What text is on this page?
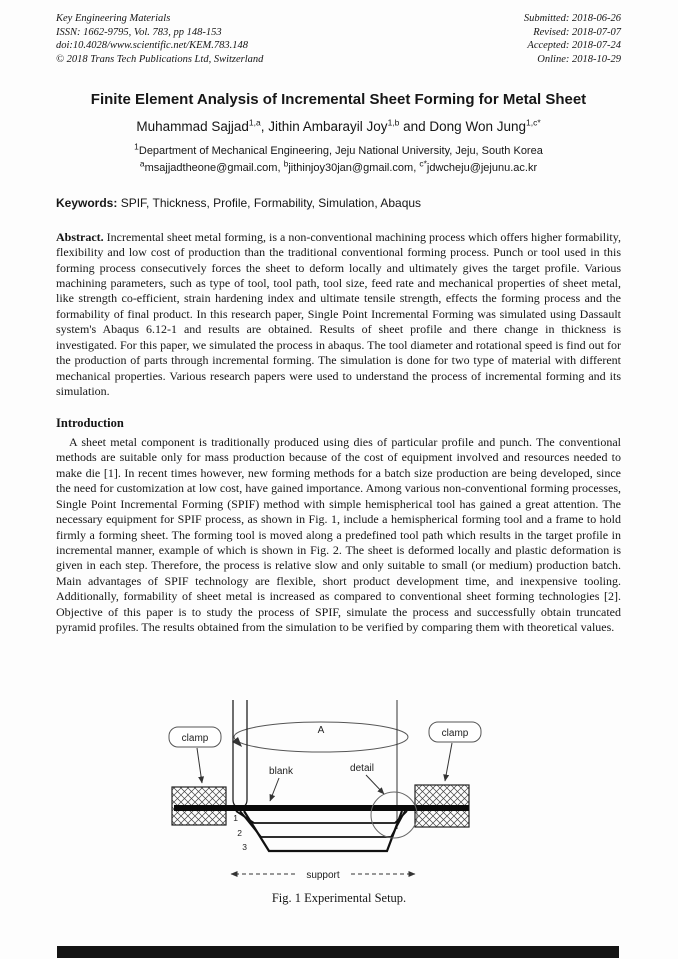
Key Engineering Materials
ISSN: 1662-9795, Vol. 783, pp 148-153
doi:10.4028/www.scientific.net/KEM.783.148
© 2018 Trans Tech Publications Ltd, Switzerland
Submitted: 2018-06-26
Revised: 2018-07-07
Accepted: 2018-07-24
Online: 2018-10-29
Finite Element Analysis of Incremental Sheet Forming for Metal Sheet
Muhammad Sajjad$^{1,a}$, Jithin Ambarayil Joy$^{1,b}$ and Dong Won Jung$^{1,c*}$
$^1$Department of Mechanical Engineering, Jeju National University, Jeju, South Korea
$^a$msajjadtheone@gmail.com, $^b$jithinjoy30jan@gmail.com, $^{c*}$jdwcheju@jejunu.ac.kr
Keywords: SPIF, Thickness, Profile, Formability, Simulation, Abaqus
Abstract. Incremental sheet metal forming, is a non-conventional machining process which offers higher formability, flexibility and low cost of production than the traditional conventional forming process. Punch or tool used in this forming process consecutively forces the sheet to deform locally and ultimately gives the target profile. Various machining parameters, such as type of tool, tool path, tool size, feed rate and mechanical properties of sheet metal, like strength co-efficient, strain hardening index and ultimate tensile strength, effects the forming process and the formability of final product. In this research paper, Single Point Incremental Forming was simulated using Dassault system's Abaqus 6.12-1 and results are obtained. Results of sheet profile and there change in thickness is investigated. For this paper, we simulated the process in abaqus. The tool diameter and rotational speed is find out for the production of parts through incremental forming. The simulation is done for two type of material with different mechanical properties. Various research papers were used to understand the process of incremental forming and its simulation.
Introduction
A sheet metal component is traditionally produced using dies of particular profile and punch. The conventional methods are suitable only for mass production because of the cost of equipment involved and resources needed to make die [1]. In recent times however, new forming methods for a batch size production are being developed, since the need for customization at low cost, have gained importance. Among various non-conventional forming processes, Single Point Incremental Forming (SPIF) method with simple hemispherical tool has gained a great attention. The necessary equipment for SPIF process, as shown in Fig. 1, include a hemispherical forming tool and a frame to hold firmly a forming sheet. The forming tool is moved along a predefined tool path which results in the target profile in incremental manner, example of which is shown in Fig. 2. The sheet is deformed locally and plastic deformation is given in each step. Therefore, the process is relative slow and only suitable to small (or medium) production batch. Main advantages of SPIF technology are flexible, short product development time, and inexpensive tooling. Additionally, formability of sheet metal is increased as compared to conventional sheet forming technologies [2]. Objective of this paper is to study the process of SPIF, simulate the process and successfully obtain truncated pyramid profiles. The results obtained from the simulation to be verified by comparing them with theoretical values.
A
1
2
3
clamp	clamp
blank	detail
support
Fig. 1 Experimental Setup.
